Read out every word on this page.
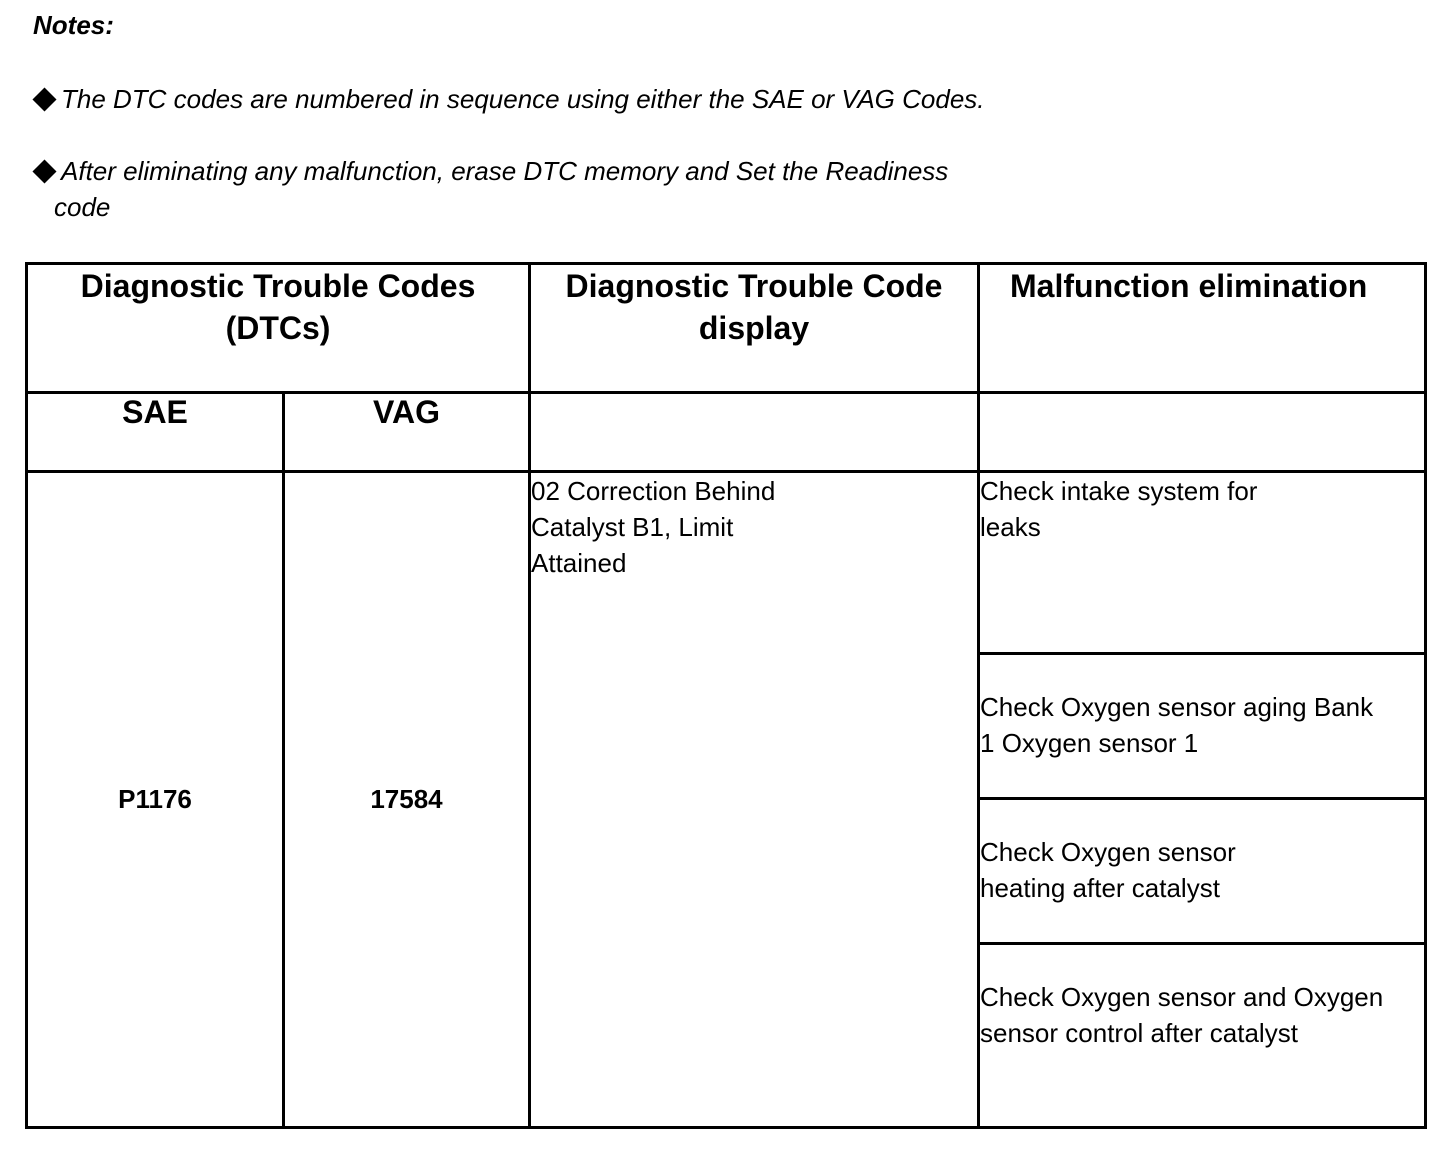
Notes:
The DTC codes are numbered in sequence using either the SAE or VAG Codes.
After eliminating any malfunction, erase DTC memory and Set the Readiness
code
Diagnostic Trouble Codes (DTCs)		Diagnostic Trouble Code display	Malfunction elimination
SAE	VAG		
P1176	17584	02 Correction Behind
Catalyst B1, Limit
Attained	Check intake system for leaks
			Check Oxygen sensor aging Bank 1 Oxygen sensor 1
			Check Oxygen sensor heating after catalyst
			Check Oxygen sensor and Oxygen sensor control after catalyst
